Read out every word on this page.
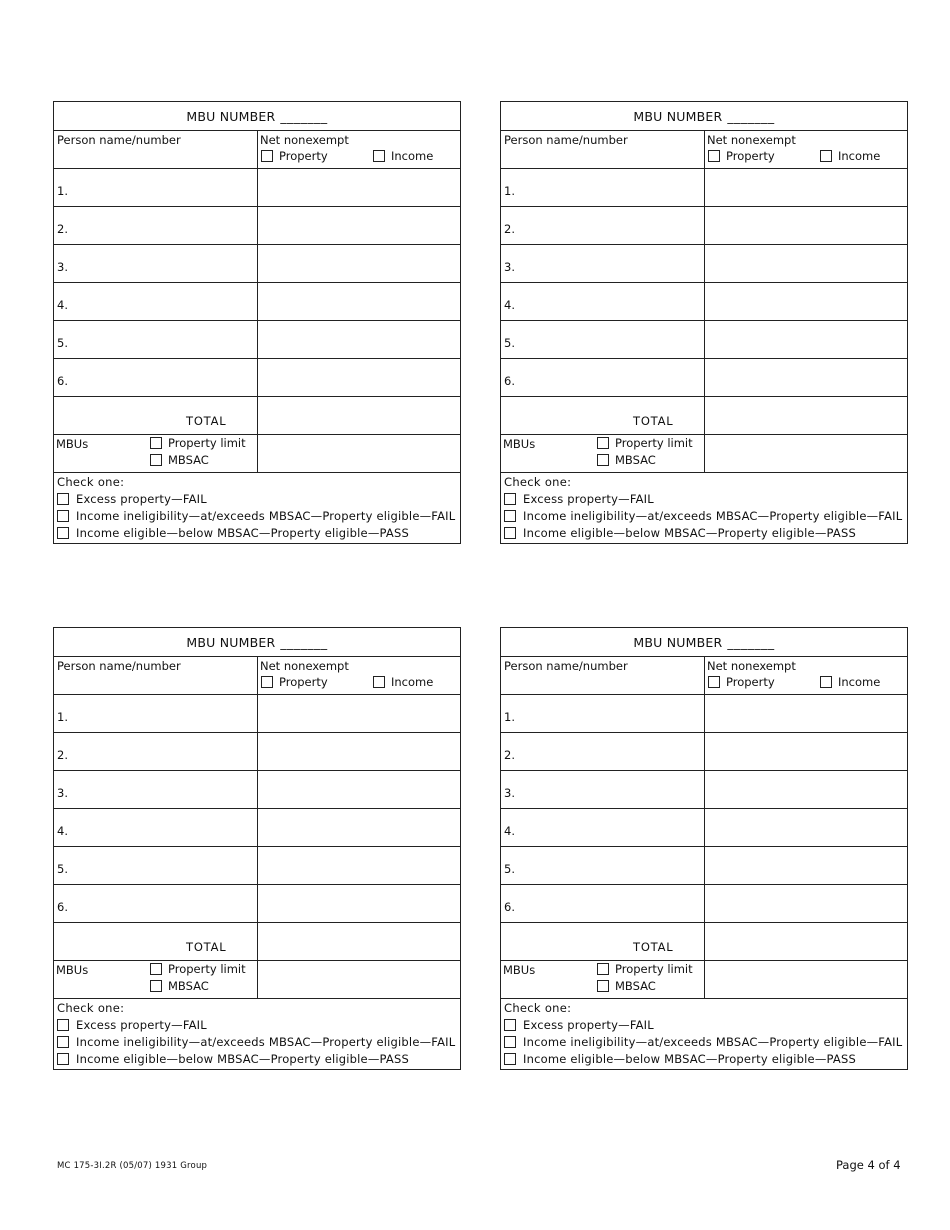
MBU NUMBER _______
Person name/number	Net nonexempt
Property	Income
1.
2.
3.
4.
5.
6.
TOTAL
MBUs	Property limit
MBSAC
Check one:
Excess property—FAIL
Income ineligibility—at/exceeds MBSAC—Property eligible—FAIL
Income eligible—below MBSAC—Property eligible—PASS
MBU NUMBER _______
Person name/number	Net nonexempt
Property	Income
1.
2.
3.
4.
5.
6.
TOTAL
MBUs	Property limit
MBSAC
Check one:
Excess property—FAIL
Income ineligibility—at/exceeds MBSAC—Property eligible—FAIL
Income eligible—below MBSAC—Property eligible—PASS
MBU NUMBER _______
Person name/number	Net nonexempt
Property	Income
1.
2.
3.
4.
5.
6.
TOTAL
MBUs	Property limit
MBSAC
Check one:
Excess property—FAIL
Income ineligibility—at/exceeds MBSAC—Property eligible—FAIL
Income eligible—below MBSAC—Property eligible—PASS
MBU NUMBER _______
Person name/number	Net nonexempt
Property	Income
1.
2.
3.
4.
5.
6.
TOTAL
MBUs	Property limit
MBSAC
Check one:
Excess property—FAIL
Income ineligibility—at/exceeds MBSAC—Property eligible—FAIL
Income eligible—below MBSAC—Property eligible—PASS
MC 175-3I.2R (05/07) 1931 Group	Page 4 of 4
